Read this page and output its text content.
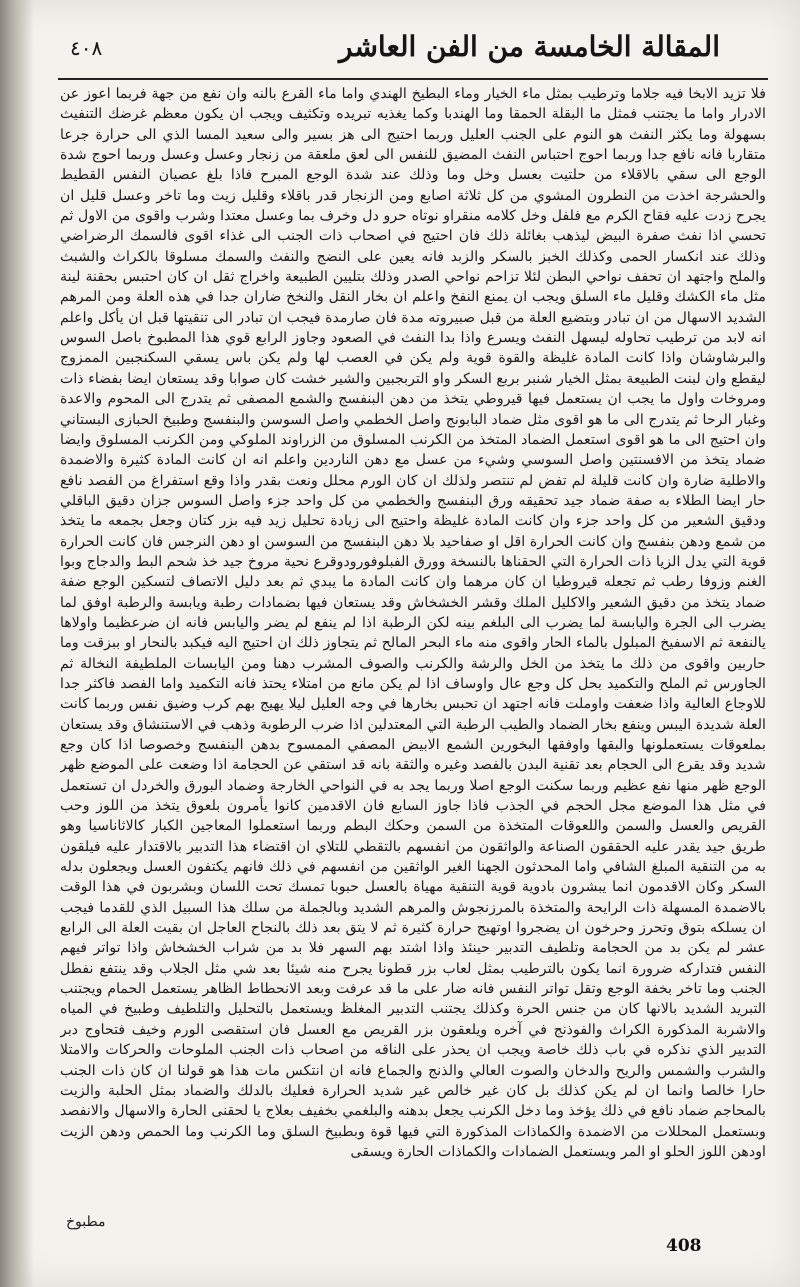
المقالة الخامسة من الفن العاشر
٤٠٨

فلا تزيد الابخا فيه جلاما وترطيب بمثل ماء الخيار وماء البطيخ الهندي واما ماء القرع بالنه وان نفع من جهة فربما اعوز عن الادرار واما ما يجتنب فمثل ما البقلة الحمقا وما الهندبا وكما يغذيه تبريده وتكثيف ويجب ان يكون معظم غرضك التنفيث بسهولة وما يكثر النفث هو النوم على الجنب العليل وربما احتيج الى هز بسير والى سعيد المسا الذي الى حرارة جرعا متقاربا فانه نافع جدا وربما احوج احتباس النفث المضيق للنفس الى لعق ملعقة من زنجار وعسل وعسل وربما احوج شدة الوجع الى سقي بالاقلاء من حلتيت بعسل وخل وما وذلك عند شدة الوجع المبرح فاذا بلغ عصيان النفس القطيط والحشرجة اخذت من النطرون المشوي من كل ثلاثة اصابع ومن الزنجار قدر باقلاء وقليل زيت وما تاخر وعسل قليل ان يجرح زدت عليه فقاح الكرم مع فلفل وخل كلامه منقراو نوتاه حرو دل وخرف بما وعسل معتدا وشرب واقوى من الاول ثم تحسي اذا نفث صفرة البيض ليذهب بغائلة ذلك فان احتيج في اصحاب ذات الجنب الى غذاء اقوى فالسمك الرضراضي وذلك عند انكسار الحمى وكذلك الخبز بالسكر والزبد فانه يعين على النضج والنفث والسمك مسلوقا بالكراث والشبث والملح واجتهد ان تحفف نواحي البطن لئلا تزاحم نواحي الصدر وذلك بتليين الطبيعة واخراج ثقل ان كان احتبس بحقنة لينة مثل ماء الكشك وقليل ماء السلق ويجب ان يمنع النفخ واعلم ان بخار النقل والنخخ ضاران جدا في هذه العلة ومن المرهم الشديد الاسهال من ان تبادر وبتضيع العلة من قبل صبيروته مدة فان صارمدة فيجب ان تبادر الى تنقيتها قبل ان يأكل واعلم انه لابد من ترطيب تحاوله ليسهل النفث ويسرع واذا بدا النفث في الصعود وجاوز الرابع قوي هذا المطبوخ باصل السوس والبرشاوشان واذا كانت المادة غليظة والقوة قوية ولم يكن في العصب لها ولم يكن باس يسقي السكنجبين الممزوج ليقطع وان لبنت الطبيعة بمثل الخيار شنبر بربع السكر واو التربجبين والشير خشت كان صوابا وقد يستعان ايضا بفضاء ذات ومروخات واول ما يجب ان يستعمل فيها قيروطي يتخذ من دهن البنفسج والشمع المصفى ثم يتدرج الى المحوم والاعدة وغبار الرحا ثم يتدرج الى ما هو اقوى مثل ضماد البابونج واصل الخطمي واصل السوسن والبنفسج وطبيخ الحبازى البستاني وان احتيج الى ما هو اقوى استعمل الضماد المتخذ من الكرنب المسلوق من الزراوند الملوكي ومن الكرنب المسلوق وايضا ضماد يتخذ من الافسنتين واصل السوسي وشيء من عسل مع دهن الناردين واعلم انه ان كانت المادة كثيرة والاضمدة والاطلية ضارة وان كانت قليلة لم تفض لم تنتصر ولذلك ان كان الورم محلل ونعت بقدر واذا وقع استفراغ من الفصد نافع حار ايضا الطلاء به صفة ضماد جيد تحقيقه ورق البنفسج والخطمي من كل واحد جزء واصل السوس جزان دقيق الباقلي ودقيق الشعير من كل واحد جزء وان كانت المادة غليظة واحتيج الى زيادة تحليل زيد فيه بزر كتان وجعل بجمعه ما يتخذ من شمع ودهن بنفسج وان كانت الحرارة اقل او صفاحيد بلا دهن البنفسج من السوسن او دهن النرجس فان كانت الحرارة قوية التي يدل الزيا ذات الحرارة التي الحقناها بالنسخة وورق الفبلوفورودوقرع نحية مروخ جيد خذ شحم البط والدجاج وبوا الغنم وزوفا رطب ثم تجعله قيروطيا ان كان مرهما وان كانت المادة ما يبدي ثم بعد دليل الاتصاف لتسكين الوجع ضفة ضماد يتخذ من دقيق الشعير والاكليل الملك وقشر الخشخاش وقد يستعان فيها بضمادات رطبة ويابسة والرطبة اوفق لما يضرب الى الجرة واليابسة لما يضرب الى البلغم بينه لكن الرطبة اذا لم ينفع لم يضر واليابس فانه ان ضرعظيما واولاها يالنفعة ثم الاسفيخ المبلول بالماء الحار واقوى منه ماء البحر المالح ثم يتجاوز ذلك ان احتيج اليه فيكبد بالنحار او ببزقت وما حاربين واقوى من ذلك ما يتخذ من الخل والرشة والكرنب والصوف المشرب دهنا ومن اليابسات الملطيفة النخالة ثم الجاورس ثم الملح والتكميد بحل كل وجع عال واوساف اذا لم يكن مانع من امتلاء يحتذ فانه التكميد واما الفصد فاكثر جدا للاوجاع العالية واذا ضعفت واوملت فانه اجتهد ان تحبس بخارها في وجه العليل ليلا يهيج بهم كرب وضيق نفس وربما كانت العلة شديدة اليبس وينفع بخار الضماد والطيب الرطبة التي المعتدلين اذا ضرب الرطوبة وذهب في الاستنشاق وقد يستعان بملعوقات يستعملونها والبقها واوفقها البخورين الشمع الابيض المصفي الممسوح بدهن البنفسج وخصوصا اذا كان وجع شديد وقد يقرع الى الحجام بعد تقنية البدن بالفصد وغيره والثقة بانه قد استقي عن الحجامة اذا وضعت على الموضع ظهر الوجع ظهر منها نفع عظيم وربما سكنت الوجع اصلا وربما يجد به في النواحي الخارجة وضماد البورق والخردل ان تستعمل في مثل هذا الموضع مجل الحجم في الجذب فاذا جاوز السابع فان الاقدمين كانوا يأمرون بلعوق يتخذ من اللوز وحب القريص والعسل والسمن واللعوقات المتخذة من السمن وحكك البطم وربما استعملوا المعاجين الكبار كالاثاناسيا وهو طريق جيد يقدر عليه الحققون الصناعة والواثقون من انفسهم بالتقطي للتلاي ان اقتضاء هذا التدبير بالاقتدار عليه فيلقون به من التنقية المبلغ الشافي واما المحدثون الجهنا الغير الواثقين من انفسهم في ذلك فانهم يكتفون العسل ويجعلون بدله السكر وكان الاقدمون انما يبشرون بادوية قوية التنقية مهياة بالعسل حبوبا تمسك تحت اللسان وبشربون في هذا الوقت بالاضمدة المسهلة ذات الرايحة والمتخذة بالمرزنجوش والمرهم الشديد وبالجملة من سلك هذا السبيل الذي للقدما فيجب ان يسلكه بتوق وتحرز وحرخون ان يضجروا اوتهيج حرارة كثيرة ثم لا يتق بعد ذلك بالنجاح العاجل ان بقيت العلة الى الرابع عشر لم يكن بد من الحجامة وتلطيف التدبير حينئذ واذا اشتد بهم السهر فلا بد من شراب الخشخاش واذا تواتر فيهم النفس فتداركه ضرورة انما يكون بالترطيب بمثل لعاب بزر قطونا يجرح منه شيئا بعد شي مثل الجلاب وقد ينتفع نفطل الجنب وما تاخر بخفة الوجع وتقل تواتر النفس فانه ضار على ما قد عرفت وبعد الانحطاط الظاهر يستعمل الحمام ويجتنب التبريد الشديد بالانها كان من جنس الحرة وكذلك يجتنب التدبير المغلظ ويستعمل بالتحليل والتلطيف وطبيخ في المياه والاشربة المذكورة الكراث والفوذنج في آخره ويلعقون بزر القريص مع العسل فان استقصى الورم وخيف فتحاوج دبر التدبير الذي نذكره في باب ذلك خاصة ويجب ان يحذر على الناقه من اصحاب ذات الجنب الملوحات والحركات والامتلا والشرب والشمس والريح والدخان والصوت العالي والذنج والجماع فانه ان انتكس مات هذا هو قولنا ان كان ذات الجنب حارا خالصا وانما ان لم يكن كذلك بل كان غير خالص غير شديد الحرارة فعليك بالدلك والضماد بمثل الحلبة والزيت بالمحاجم ضماد نافع في ذلك يؤخذ وما دخل الكرنب يجعل بدهنه والبلغمي بخفيف بعلاج يا لحقنى الحارة والاسهال والانفصد وبستعمل المحللات من الاضمدة والكماذات المذكورة التي فيها قوة وبطبيخ السلق وما الكرنب وما الحمص ودهن الزيت اودهن اللوز الحلو او المر ويستعمل الضمادات والكماذات الحارة ويسقى

مطبوخ
408
